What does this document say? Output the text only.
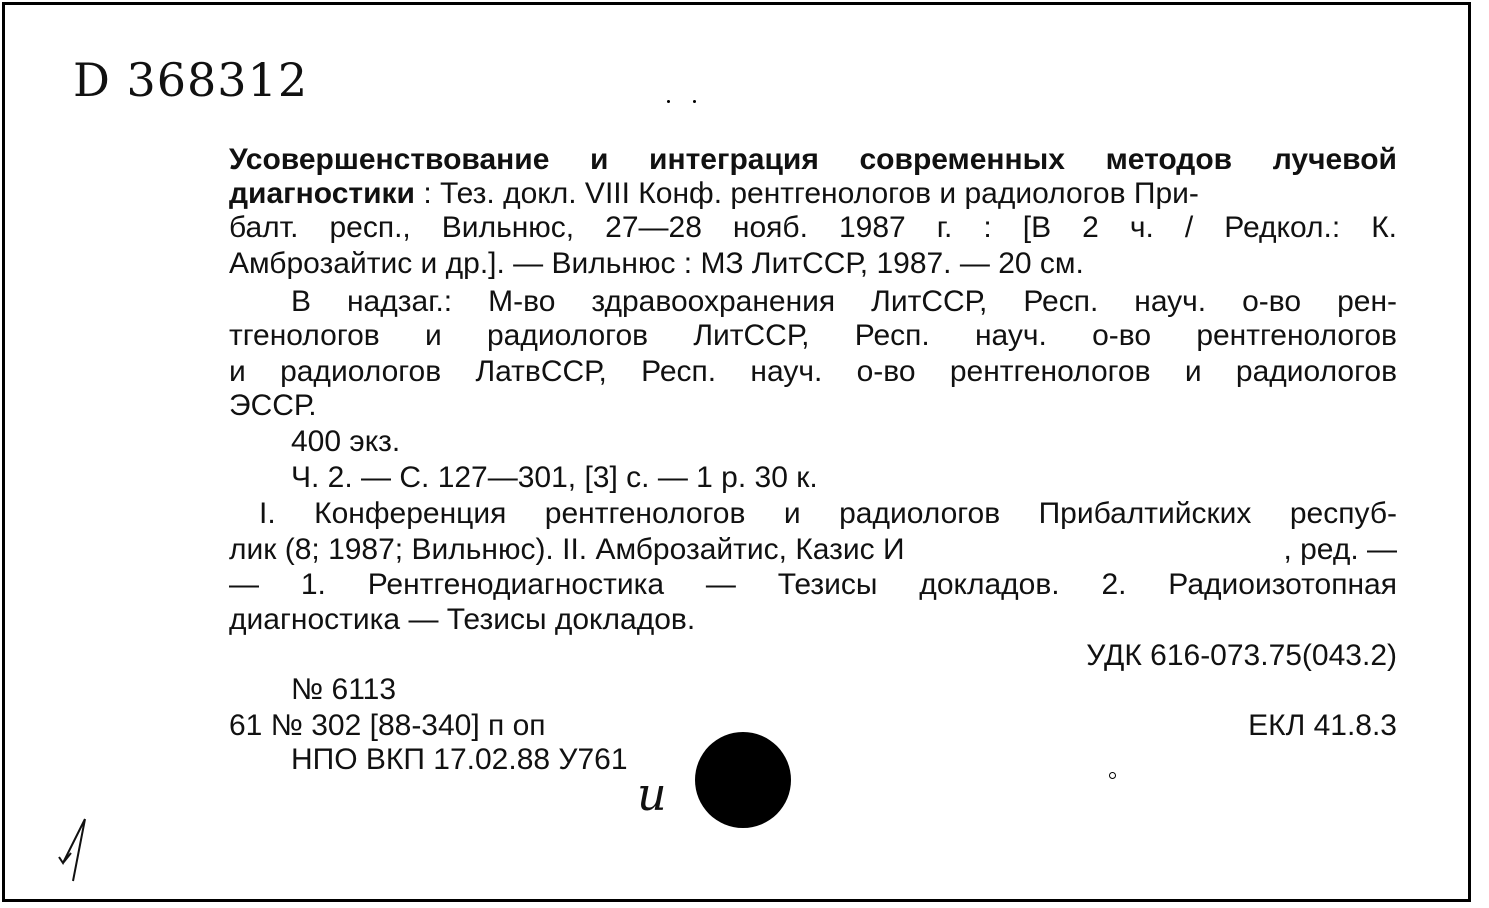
D 368312
Усовершенствование и интеграция современных методов лучевой
диагностики : Тез. докл. VIII Конф. рентгенологов и радиологов При-
балт. респ., Вильнюс, 27—28 нояб. 1987 г. : [В 2 ч. / Редкол.: К.
Амброзайтис и др.]. — Вильнюс : МЗ ЛитССР, 1987. — 20 см.
В надзаг.: М-во здравоохранения ЛитССР, Респ. науч. о-во рен-
тгенологов и радиологов ЛитССР, Респ. науч. о-во рентгенологов
и радиологов ЛатвССР, Респ. науч. о-во рентгенологов и радиологов
ЭССР.
400 экз.
Ч. 2. — С. 127—301, [3] с. — 1 р. 30 к.
I. Конференция рентгенологов и радиологов Прибалтийских респуб-
лик (8; 1987; Вильнюс). II. Амброзайтис, Казис И	, ред. —
— 1. Рентгенодиагностика — Тезисы докладов. 2. Радиоизотопная
диагностика — Тезисы докладов.
УДК 616-073.75(043.2)
№ 6113
61 № 302 [88-340] п оп	ЕКЛ 41.8.3
НПО ВКП 17.02.88 У761
и
